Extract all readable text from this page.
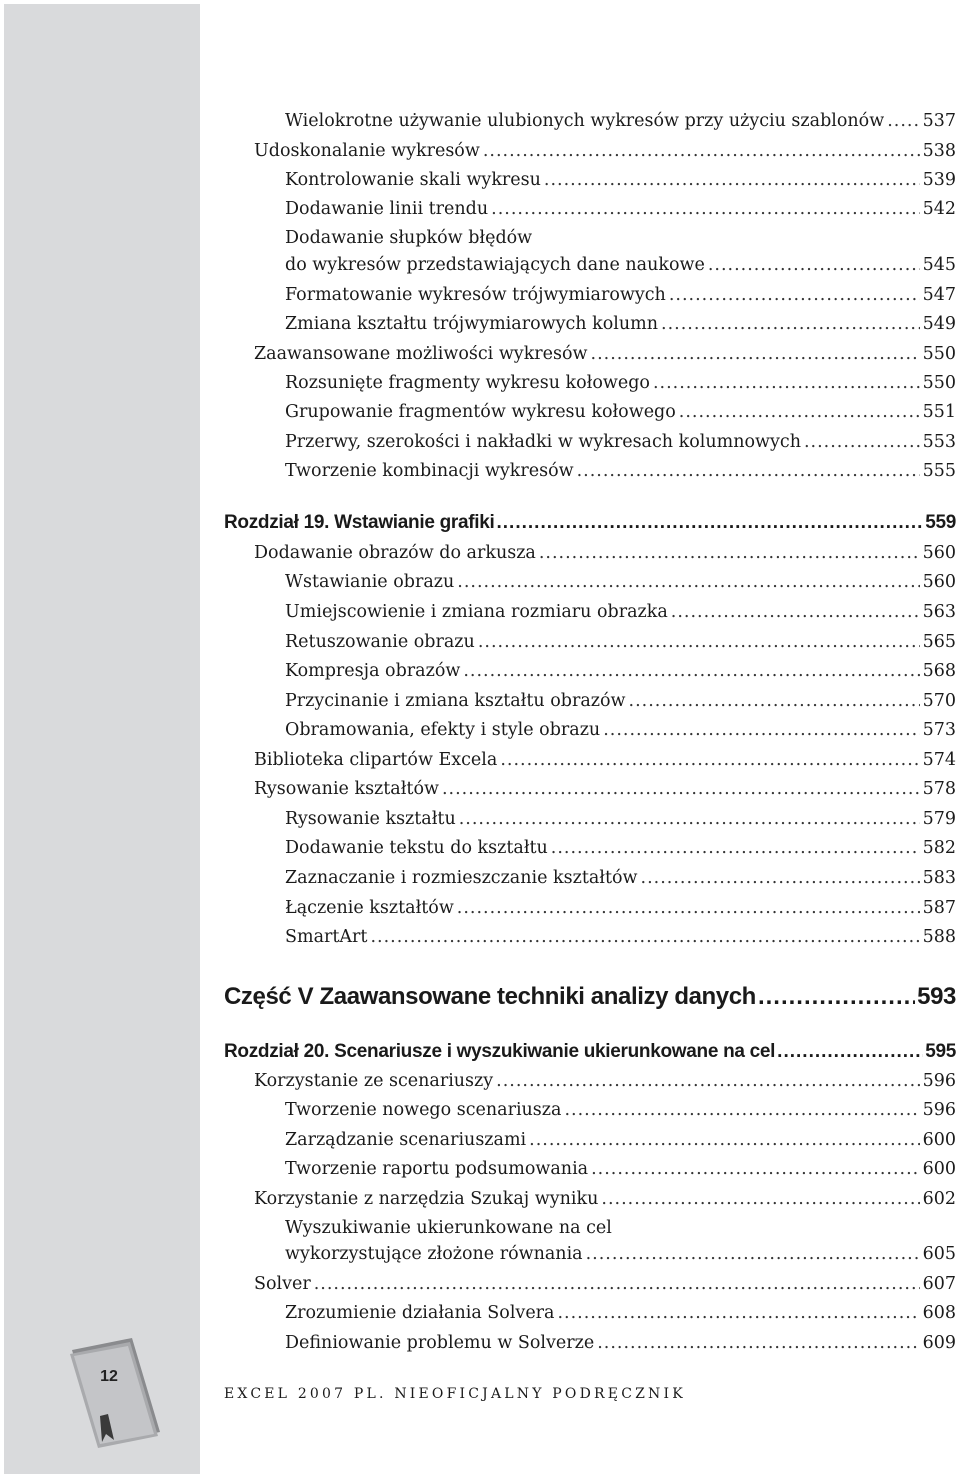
12
Wielokrotne używanie ulubionych wykresów przy użyciu szablonów ..... 537
Udoskonalanie wykresów .....	538
Kontrolowanie skali wykresu .....	539
Dodawanie linii trendu .....	542
Dodawanie słupków błędów
do wykresów przedstawiających dane naukowe .....	545
Formatowanie wykresów trójwymiarowych .....	547
Zmiana kształtu trójwymiarowych kolumn .....	549
Zaawansowane możliwości wykresów .....	550
Rozsunięte fragmenty wykresu kołowego .....	550
Grupowanie fragmentów wykresu kołowego .....	551
Przerwy, szerokości i nakładki w wykresach kolumnowych .....	553
Tworzenie kombinacji wykresów .....	555
Rozdział 19. Wstawianie grafiki .....	559
Dodawanie obrazów do arkusza .....	560
Wstawianie obrazu .....	560
Umiejscowienie i zmiana rozmiaru obrazka .....	563
Retuszowanie obrazu .....	565
Kompresja obrazów .....	568
Przycinanie i zmiana kształtu obrazów .....	570
Obramowania, efekty i style obrazu .....	573
Biblioteka clipartów Excela .....	574
Rysowanie kształtów .....	578
Rysowanie kształtu .....	579
Dodawanie tekstu do kształtu .....	582
Zaznaczanie i rozmieszczanie kształtów .....	583
Łączenie kształtów .....	587
SmartArt .....	588
Część V Zaawansowane techniki analizy danych .....	593
Rozdział 20. Scenariusze i wyszukiwanie ukierunkowane na cel .....	595
Korzystanie ze scenariuszy .....	596
Tworzenie nowego scenariusza .....	596
Zarządzanie scenariuszami .....	600
Tworzenie raportu podsumowania .....	600
Korzystanie z narzędzia Szukaj wyniku .....	602
Wyszukiwanie ukierunkowane na cel
wykorzystujące złożone równania .....	605
Solver .....	607
Zrozumienie działania Solvera .....	608
Definiowanie problemu w Solverze .....	609
EXCEL 2007 PL. NIEOFICJALNY PODRĘCZNIK
